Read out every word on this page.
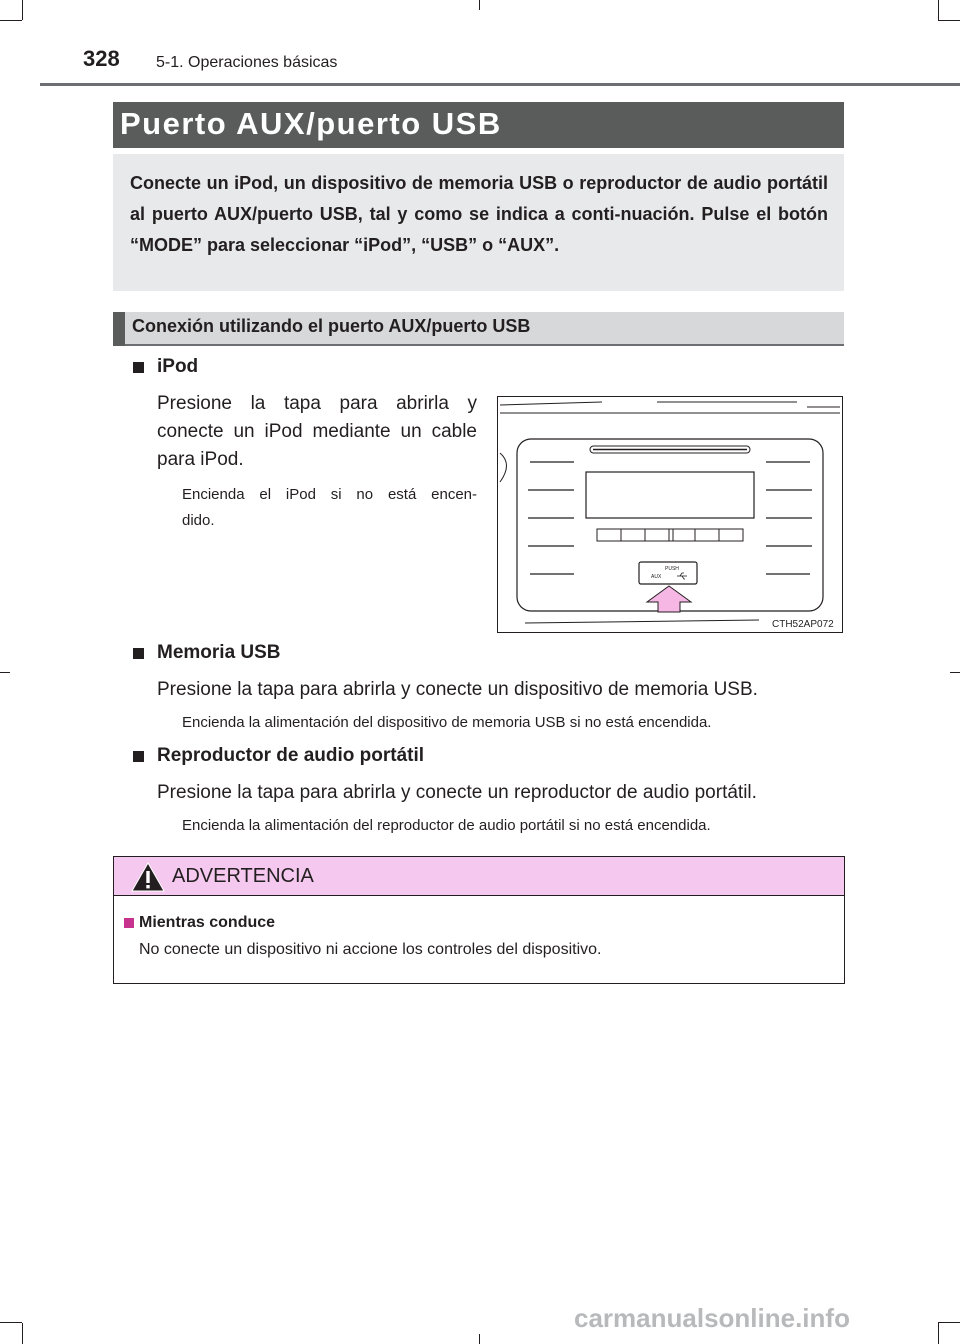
328 5-1. Operaciones básicas
Puerto AUX/puerto USB
Conecte un iPod, un dispositivo de memoria USB o reproductor de audio portátil al puerto AUX/puerto USB, tal y como se indica a conti-nuación. Pulse el botón “MODE” para seleccionar “iPod”, “USB” o “AUX”.
Conexión utilizando el puerto AUX/puerto USB
iPod
Presione la tapa para abrirla y
conecte un iPod mediante un cable
para iPod.
Encienda el iPod si no está encen-
dido.
PUSH
AUX
CTH52AP072
Memoria USB
Presione la tapa para abrirla y conecte un dispositivo de memoria USB.
Encienda la alimentación del dispositivo de memoria USB si no está encendida.
Reproductor de audio portátil
Presione la tapa para abrirla y conecte un reproductor de audio portátil.
Encienda la alimentación del reproductor de audio portátil si no está encendida.
ADVERTENCIA
Mientras conduce
No conecte un dispositivo ni accione los controles del dispositivo.
carmanualsonline.info
